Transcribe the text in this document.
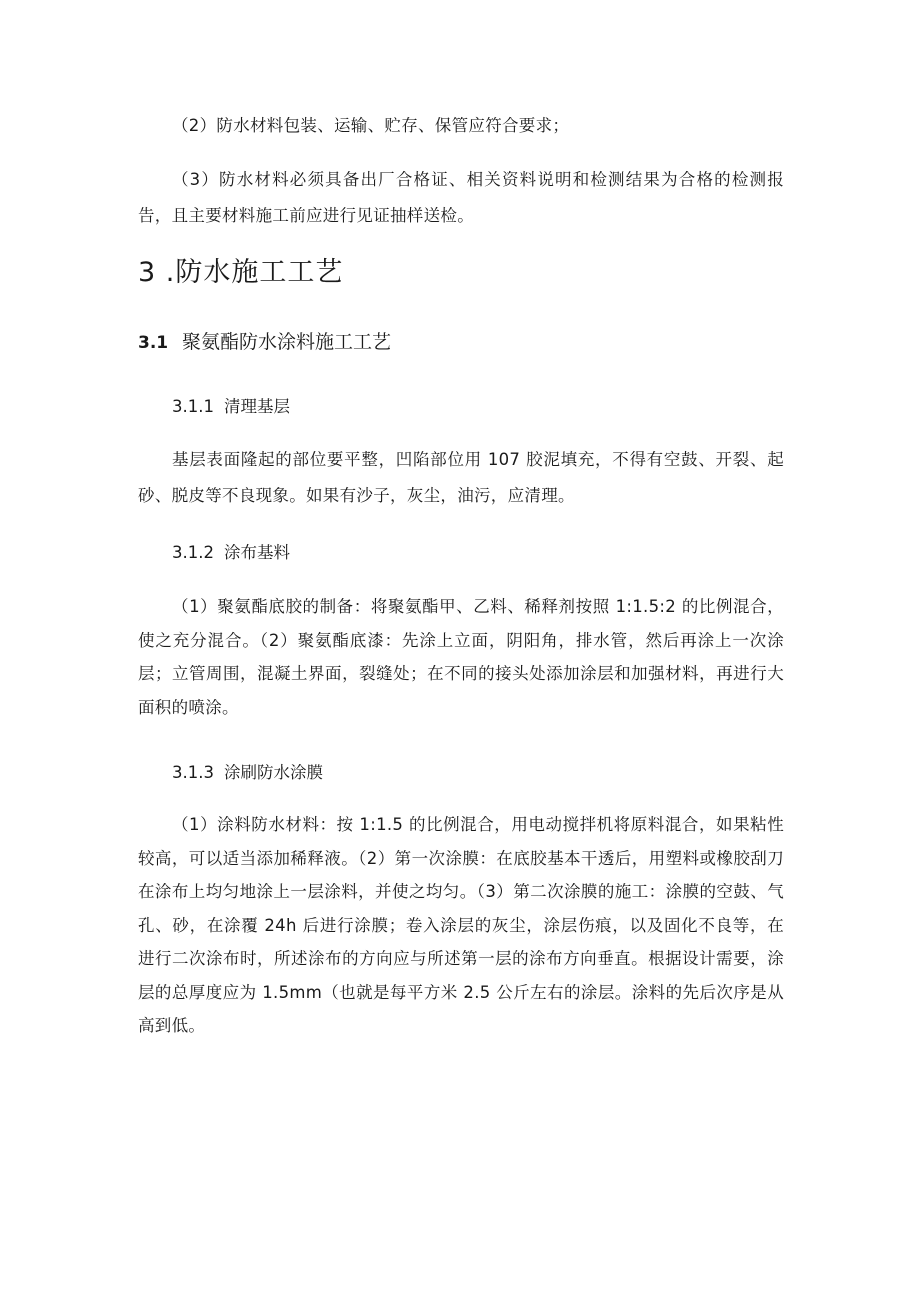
（2）防水材料包装、运输、贮存、保管应符合要求；

（3）防水材料必须具备出厂合格证、相关资料说明和检测结果为合格的检测报告，且主要材料施工前应进行见证抽样送检。

3 .防水施工工艺
3.1 聚氨酯防水涂料施工工艺
3.1.1 清理基层

基层表面隆起的部位要平整，凹陷部位用 107 胶泥填充，不得有空鼓、开裂、起砂、脱皮等不良现象。如果有沙子，灰尘，油污，应清理。

3.1.2 涂布基料

（1）聚氨酯底胶的制备：将聚氨酯甲、乙料、稀释剂按照 1:1.5:2 的比例混合，使之充分混合。（2）聚氨酯底漆：先涂上立面，阴阳角，排水管，然后再涂上一次涂层；立管周围，混凝土界面，裂缝处；在不同的接头处添加涂层和加强材料，再进行大面积的喷涂。

3.1.3 涂刷防水涂膜

（1）涂料防水材料：按 1:1.5 的比例混合，用电动搅拌机将原料混合，如果粘性较高，可以适当添加稀释液。（2）第一次涂膜：在底胶基本干透后，用塑料或橡胶刮刀在涂布上均匀地涂上一层涂料，并使之均匀。（3）第二次涂膜的施工：涂膜的空鼓、气孔、砂，在涂覆 24h 后进行涂膜；卷入涂层的灰尘，涂层伤痕，以及固化不良等，在进行二次涂布时，所述涂布的方向应与所述第一层的涂布方向垂直。根据设计需要，涂层的总厚度应为 1.5mm（也就是每平方米 2.5 公斤左右的涂层。涂料的先后次序是从高到低。
